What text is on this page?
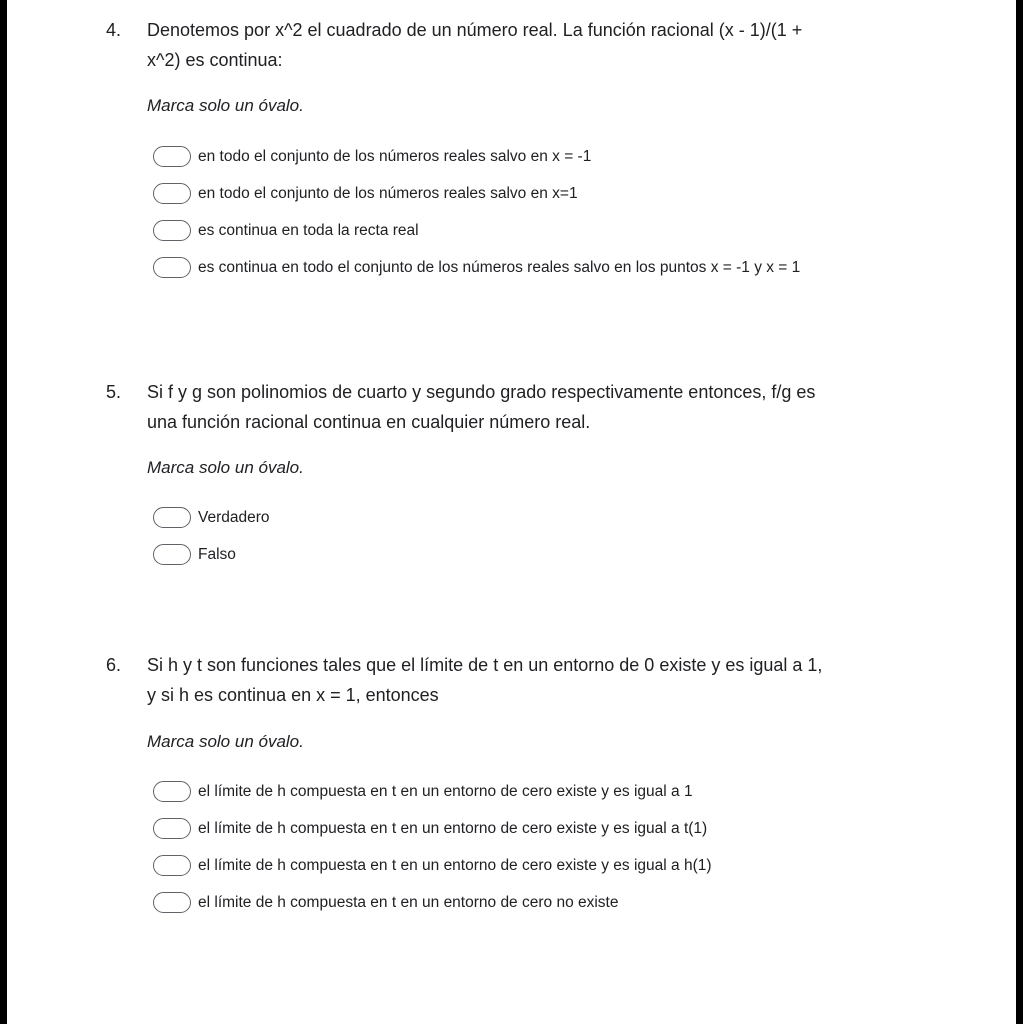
4. Denotemos por x^2 el cuadrado de un número real. La función racional (x - 1)/(1 +
x^2) es continua:
Marca solo un óvalo.
en todo el conjunto de los números reales salvo en x = -1
en todo el conjunto de los números reales salvo en x=1
es continua en toda la recta real
es continua en todo el conjunto de los números reales salvo en los puntos x = -1 y x = 1
5. Si f y g son polinomios de cuarto y segundo grado respectivamente entonces, f/g es
una función racional continua en cualquier número real.
Marca solo un óvalo.
Verdadero
Falso
6. Si h y t son funciones tales que el límite de t en un entorno de 0 existe y es igual a 1,
y si h es continua en x = 1, entonces
Marca solo un óvalo.
el límite de h compuesta en t en un entorno de cero existe y es igual a 1
el límite de h compuesta en t en un entorno de cero existe y es igual a t(1)
el límite de h compuesta en t en un entorno de cero existe y es igual a h(1)
el límite de h compuesta en t en un entorno de cero no existe
